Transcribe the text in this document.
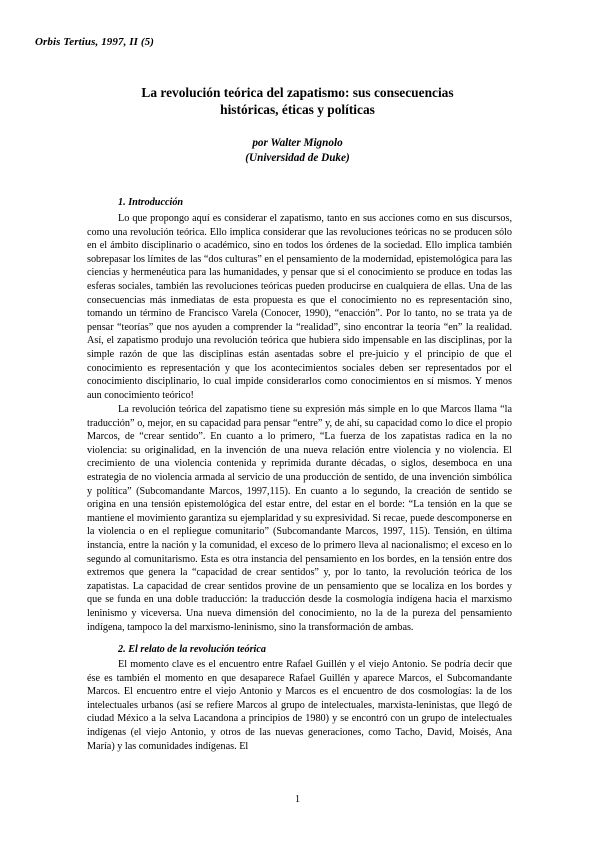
Orbis Tertius, 1997, II (5)
La revolución teórica del zapatismo: sus consecuencias
históricas, éticas y políticas
por Walter Mignolo
(Universidad de Duke)
1. Introducción

Lo que propongo aquí es considerar el zapatismo, tanto en sus acciones como en sus discursos, como una revolución teórica. Ello implica considerar que las revoluciones teóricas no se producen sólo en el ámbito disciplinario o académico, sino en todos los órdenes de la sociedad. Ello implica también sobrepasar los límites de las “dos culturas” en el pensamiento de la modernidad, epistemológica para las ciencias y hermenéutica para las humanidades, y pensar que si el conocimiento se produce en todas las esferas sociales, también las revoluciones teóricas pueden producirse en cualquiera de ellas. Una de las consecuencias más inmediatas de esta propuesta es que el conocimiento no es representación sino, tomando un término de Francisco Varela (Conocer, 1990), “enacción”. Por lo tanto, no se trata ya de pensar “teorías” que nos ayuden a comprender la “realidad”, sino encontrar la teoría “en” la realidad. Así, el zapatismo produjo una revolución teórica que hubiera sido impensable en las disciplinas, por la simple razón de que las disciplinas están asentadas sobre el pre-juicio y el principio de que el conocimiento es representación y que los acontecimientos sociales deben ser representados por el conocimiento disciplinario, lo cual impide considerarlos como conocimientos en sí mismos. Y menos aun conocimiento teórico!

La revolución teórica del zapatismo tiene su expresión más simple en lo que Marcos llama “la traducción” o, mejor, en su capacidad para pensar “entre” y, de ahí, su capacidad como lo dice el propio Marcos, de “crear sentido”. En cuanto a lo primero, “La fuerza de los zapatistas radica en la no violencia: su originalidad, en la invención de una nueva relación entre violencia y no violencia. El crecimiento de una violencia contenida y reprimida durante décadas, o siglos, desemboca en una estrategia de no violencia armada al servicio de una producción de sentido, de una invención simbólica y política” (Subcomandante Marcos, 1997,115). En cuanto a lo segundo, la creación de sentido se origina en una tensión epistemológica del estar entre, del estar en el borde: “La tensión en la que se mantiene el movimiento garantiza su ejemplaridad y su expresividad. Si recae, puede descomponerse en la violencia o en el repliegue comunitario” (Subcomandante Marcos, 1997, 115). Tensión, en última instancia, entre la nación y la comunidad, el exceso de lo primero lleva al nacionalismo; el exceso en lo segundo al comunitarismo. Esta es otra instancia del pensamiento en los bordes, en la tensión entre dos extremos que genera la “capacidad de crear sentidos” y, por lo tanto, la revolución teórica de los zapatistas. La capacidad de crear sentidos provine de un pensamiento que se localiza en los bordes y que se funda en una doble traducción: la traducción desde la cosmología indígena hacia el marxismo leninismo y viceversa. Una nueva dimensión del conocimiento, no la de la pureza del pensamiento indígena, tampoco la del marxismo-leninismo, sino la transformación de ambas.

2. El relato de la revolución teórica

El momento clave es el encuentro entre Rafael Guillén y el viejo Antonio. Se podría decir que ése es también el momento en que desaparece Rafael Guillén y aparece Marcos, el Subcomandante Marcos. El encuentro entre el viejo Antonio y Marcos es el encuentro de dos cosmologías: la de los intelectuales urbanos (así se refiere Marcos al grupo de intelectuales, marxista-leninistas, que llegó de ciudad México a la selva Lacandona a principios de 1980) y se encontró con un grupo de intelectuales indígenas (el viejo Antonio, y otros de las nuevas generaciones, como Tacho, David, Moisés, Ana María) y las comunidades indígenas. El

1
